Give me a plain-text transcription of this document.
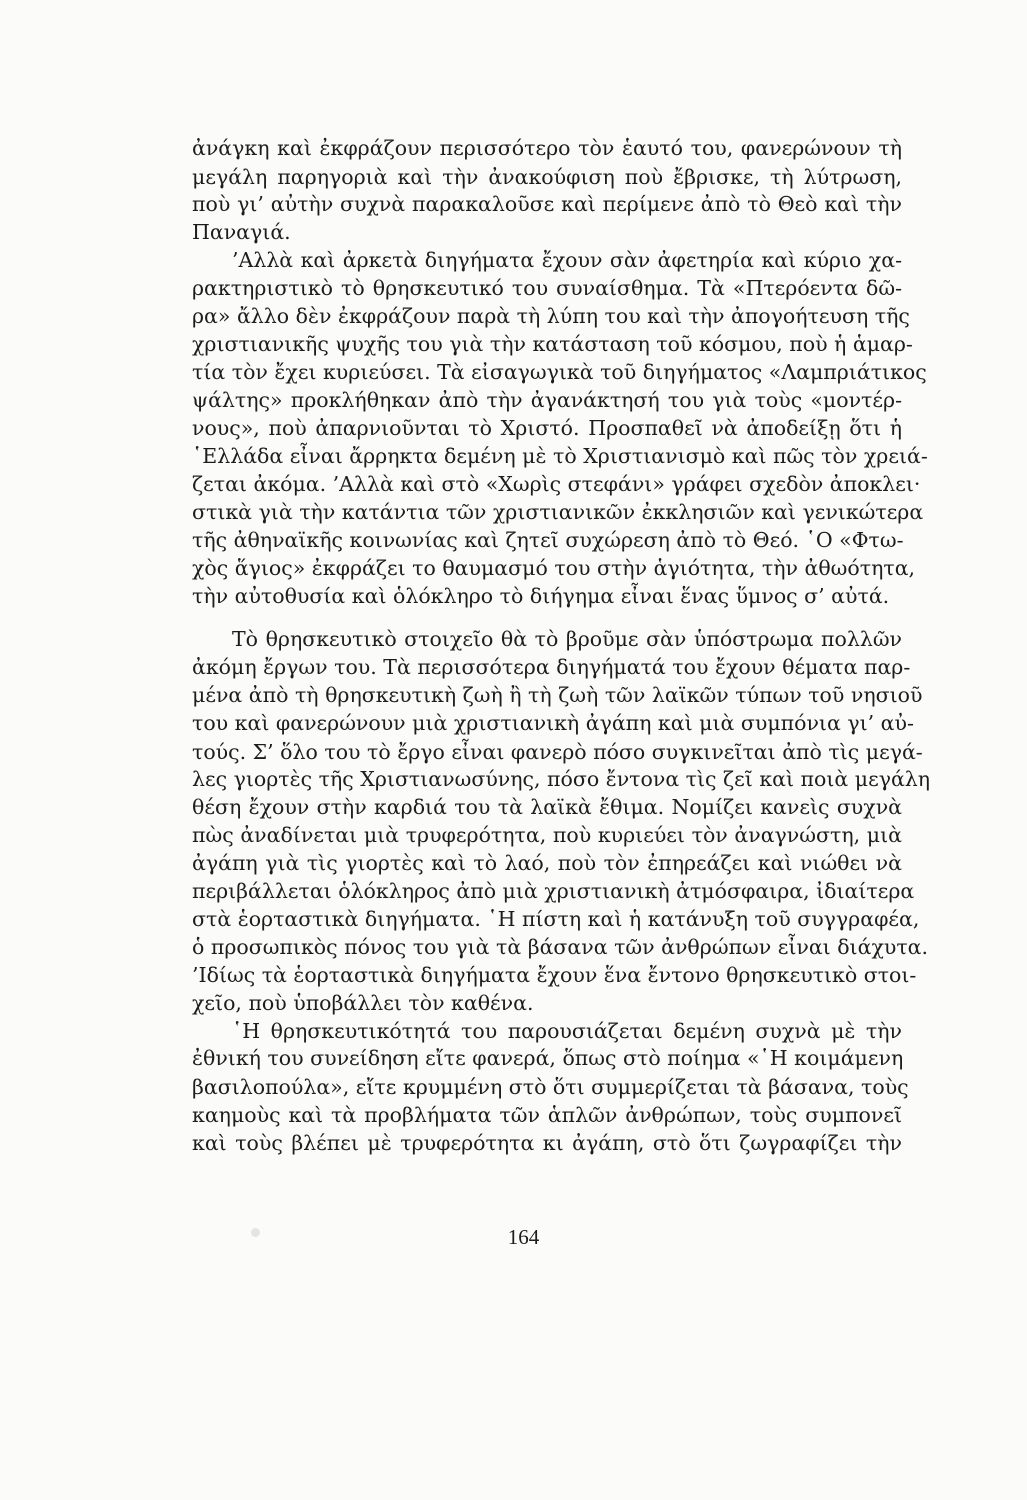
ἀνάγκη καὶ ἐκφράζουν περισσότερο τὸν ἑαυτό του, φανερώνουν τὴ
μεγάλη παρηγοριὰ καὶ τὴν ἀνακούφιση ποὺ ἔβρισκε, τὴ λύτρωση,
ποὺ γι’ αὐτὴν συχνὰ παρακαλοῦσε καὶ περίμενε ἀπὸ τὸ Θεὸ καὶ τὴν
Παναγιά.
’Αλλὰ καὶ ἀρκετὰ διηγήματα ἔχουν σὰν ἀφετηρία καὶ κύριο χα-
ρακτηριστικὸ τὸ θρησκευτικό του συναίσθημα. Τὰ «Πτερόεντα δῶ-
ρα» ἄλλο δὲν ἐκφράζουν παρὰ τὴ λύπη του καὶ τὴν ἀπογοήτευση τῆς
χριστιανικῆς ψυχῆς του γιὰ τὴν κατάσταση τοῦ κόσμου, ποὺ ἡ ἁμαρ-
τία τὸν ἔχει κυριεύσει. Τὰ εἰσαγωγικὰ τοῦ διηγήματος «Λαμπριάτικος
ψάλτης» προκλήθηκαν ἀπὸ τὴν ἀγανάκτησή του γιὰ τοὺς «μοντέρ-
νους», ποὺ ἀπαρνιοῦνται τὸ Χριστό. Προσπαθεῖ νὰ ἀποδείξῃ ὅτι ἡ
῾Ελλάδα εἶναι ἄρρηκτα δεμένη μὲ τὸ Χριστιανισμὸ καὶ πῶς τὸν χρειά-
ζεται ἀκόμα. ’Αλλὰ καὶ στὸ «Χωρὶς στεφάνι» γράφει σχεδὸν ἀποκλει·
στικὰ γιὰ τὴν κατάντια τῶν χριστιανικῶν ἐκκλησιῶν καὶ γενικώτερα
τῆς ἀθηναϊκῆς κοινωνίας καὶ ζητεῖ συχώρεση ἀπὸ τὸ Θεό. ῾Ο «Φτω-
χὸς ἅγιος» ἐκφράζει το θαυμασμό του στὴν ἁγιότητα, τὴν ἀθωότητα,
τὴν αὐτοθυσία καὶ ὁλόκληρο τὸ διήγημα εἶναι ἕνας ὕμνος σ’ αὐτά.
Τὸ θρησκευτικὸ στοιχεῖο θὰ τὸ βροῦμε σὰν ὑπόστρωμα πολλῶν
ἀκόμη ἔργων του. Τὰ περισσότερα διηγήματά του ἔχουν θέματα παρ-
μένα ἀπὸ τὴ θρησκευτικὴ ζωὴ ἢ τὴ ζωὴ τῶν λαϊκῶν τύπων τοῦ νησιοῦ
του καὶ φανερώνουν μιὰ χριστιανικὴ ἀγάπη καὶ μιὰ συμπόνια γι’ αὐ-
τούς. Σ’ ὅλο του τὸ ἔργο εἶναι φανερὸ πόσο συγκινεῖται ἀπὸ τὶς μεγά-
λες γιορτὲς τῆς Χριστιανωσύνης, πόσο ἔντονα τὶς ζεῖ καὶ ποιὰ μεγάλη
θέση ἔχουν στὴν καρδιά του τὰ λαϊκὰ ἔθιμα. Νομίζει κανεὶς συχνὰ
πὼς ἀναδίνεται μιὰ τρυφερότητα, ποὺ κυριεύει τὸν ἀναγνώστη, μιὰ
ἀγάπη γιὰ τὶς γιορτὲς καὶ τὸ λαό, ποὺ τὸν ἐπηρεάζει καὶ νιώθει νὰ
περιβάλλεται ὁλόκληρος ἀπὸ μιὰ χριστιανικὴ ἀτμόσφαιρα, ἰδιαίτερα
στὰ ἑορταστικὰ διηγήματα. ῾Η πίστη καὶ ἡ κατάνυξη τοῦ συγγραφέα,
ὁ προσωπικὸς πόνος του γιὰ τὰ βάσανα τῶν ἀνθρώπων εἶναι διάχυτα.
’Ιδίως τὰ ἑορταστικὰ διηγήματα ἔχουν ἕνα ἔντονο θρησκευτικὸ στοι-
χεῖο, ποὺ ὑποβάλλει τὸν καθένα.
῾Η θρησκευτικότητά του παρουσιάζεται δεμένη συχνὰ μὲ τὴν
ἐθνική του συνείδηση εἴτε φανερά, ὅπως στὸ ποίημα «῾Η κοιμάμενη
βασιλοπούλα», εἴτε κρυμμένη στὸ ὅτι συμμερίζεται τὰ βάσανα, τοὺς
καημοὺς καὶ τὰ προβλήματα τῶν ἁπλῶν ἀνθρώπων, τοὺς συμπονεῖ
καὶ τοὺς βλέπει μὲ τρυφερότητα κι ἀγάπη, στὸ ὅτι ζωγραφίζει τὴν
164
